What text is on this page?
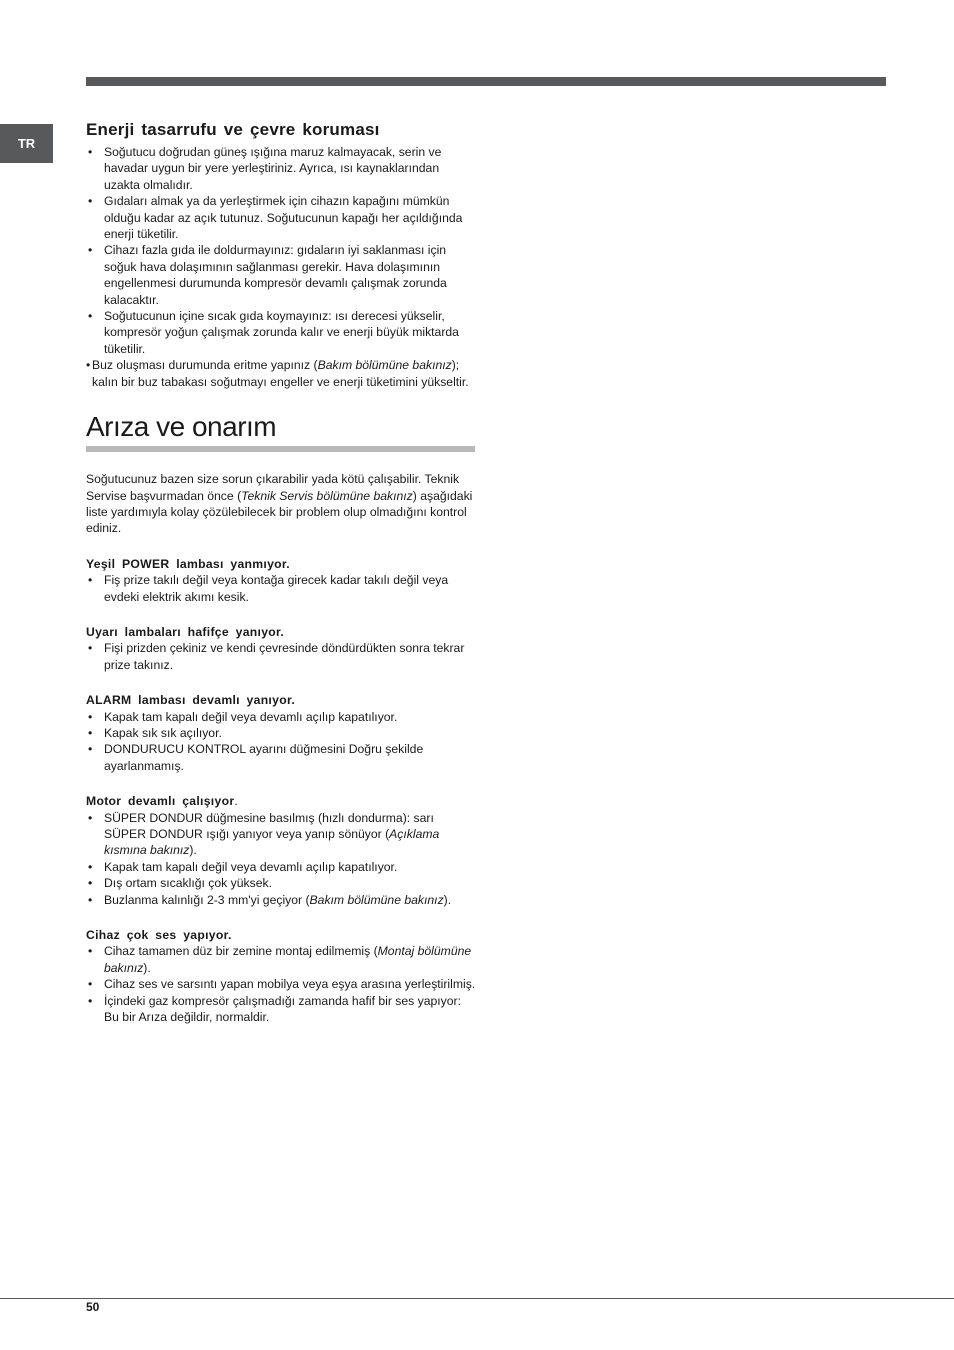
TR
Enerji tasarrufu ve çevre koruması
• Soğutucu doğrudan güneş ışığına maruz kalmayacak, serin ve havadar uygun bir yere yerleştiriniz. Ayrıca, ısı kaynaklarından uzakta olmalıdır.
• Gıdaları almak ya da yerleştirmek için cihazın kapağını mümkün olduğu kadar az açık tutunuz. Soğutucunun kapağı her açıldığında enerji tüketilir.
• Cihazı fazla gıda ile doldurmayınız: gıdaların iyi saklanması için soğuk hava dolaşımının sağlanması gerekir. Hava dolaşımının engellenmesi durumunda kompresör devamlı çalışmak zorunda kalacaktır.
• Soğutucunun içine sıcak gıda koymayınız: ısı derecesi yükselir, kompresör yoğun çalışmak zorunda kalır ve enerji büyük miktarda tüketilir.
• Buz oluşması durumunda eritme yapınız (Bakım bölümüne bakınız); kalın bir buz tabakası soğutmayı engeller ve enerji tüketimini yükseltir.
Arıza ve onarım

Soğutucunuz bazen size sorun çıkarabilir yada kötü çalışabilir. Teknik Servise başvurmadan önce (Teknik Servis bölümüne bakınız) aşağıdaki liste yardımıyla kolay çözülebilecek bir problem olup olmadığını kontrol ediniz.

Yeşil POWER lambası yanmıyor.
• Fiş prize takılı değil veya kontağa girecek kadar takılı değil veya evdeki elektrik akımı kesik.
Uyarı lambaları hafifçe yanıyor.
• Fişi prizden çekiniz ve kendi çevresinde döndürdükten sonra tekrar prize takınız.
ALARM lambası devamlı yanıyor.
• Kapak tam kapalı değil veya devamlı açılıp kapatılıyor.
• Kapak sık sık açılıyor.
• DONDURUCU KONTROL ayarını düğmesini Doğru şekilde ayarlanmamış.
Motor devamlı çalışıyor.
• SÜPER DONDUR düğmesine basılmış (hızlı dondurma): sarı SÜPER DONDUR ışığı yanıyor veya yanıp sönüyor (Açıklama kısmına bakınız).
• Kapak tam kapalı değil veya devamlı açılıp kapatılıyor.
• Dış ortam sıcaklığı çok yüksek.
• Buzlanma kalınlığı 2-3 mm'yi geçiyor (Bakım bölümüne bakınız).
Cihaz çok ses yapıyor.
• Cihaz tamamen düz bir zemine montaj edilmemiş (Montaj bölümüne bakınız).
• Cihaz ses ve sarsıntı yapan mobilya veya eşya arasına yerleştirilmiş.
• İçindeki gaz kompresör çalışmadığı zamanda hafif bir ses yapıyor: Bu bir Arıza değildir, normaldir.
50
